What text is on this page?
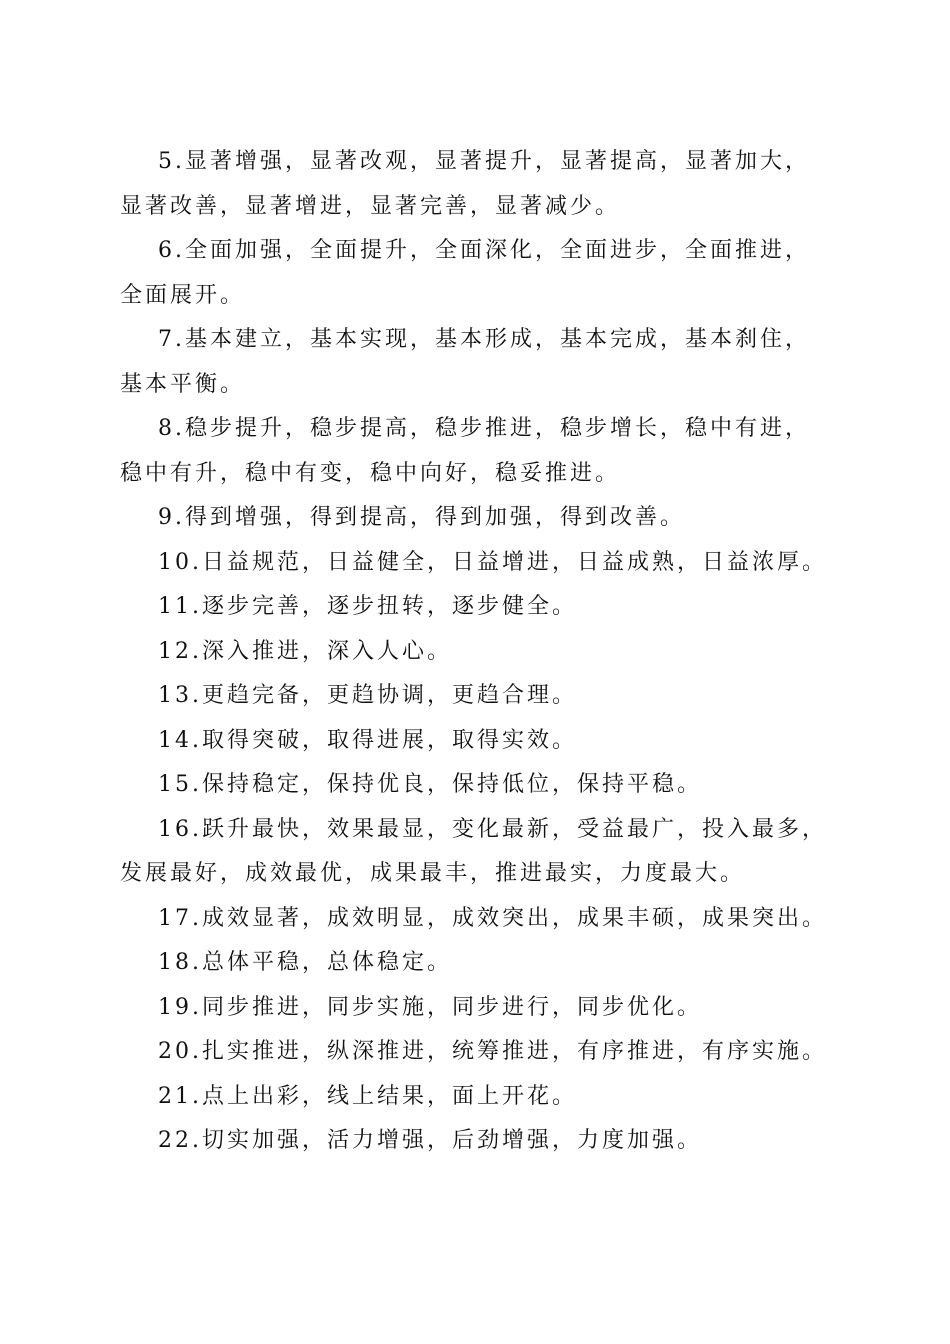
5.显著增强，显著改观，显著提升，显著提高，显著加大，
显著改善，显著增进，显著完善，显著减少。

6.全面加强，全面提升，全面深化，全面进步，全面推进，
全面展开。

7.基本建立，基本实现，基本形成，基本完成，基本刹住，
基本平衡。

8.稳步提升，稳步提高，稳步推进，稳步增长，稳中有进，
稳中有升，稳中有变，稳中向好，稳妥推进。

9.得到增强，得到提高，得到加强，得到改善。

10.日益规范，日益健全，日益增进，日益成熟，日益浓厚。

11.逐步完善，逐步扭转，逐步健全。

12.深入推进，深入人心。

13.更趋完备，更趋协调，更趋合理。

14.取得突破，取得进展，取得实效。

15.保持稳定，保持优良，保持低位，保持平稳。

16.跃升最快，效果最显，变化最新，受益最广，投入最多，
发展最好，成效最优，成果最丰，推进最实，力度最大。

17.成效显著，成效明显，成效突出，成果丰硕，成果突出。

18.总体平稳，总体稳定。

19.同步推进，同步实施，同步进行，同步优化。

20.扎实推进，纵深推进，统筹推进，有序推进，有序实施。

21.点上出彩，线上结果，面上开花。

22.切实加强，活力增强，后劲增强，力度加强。
